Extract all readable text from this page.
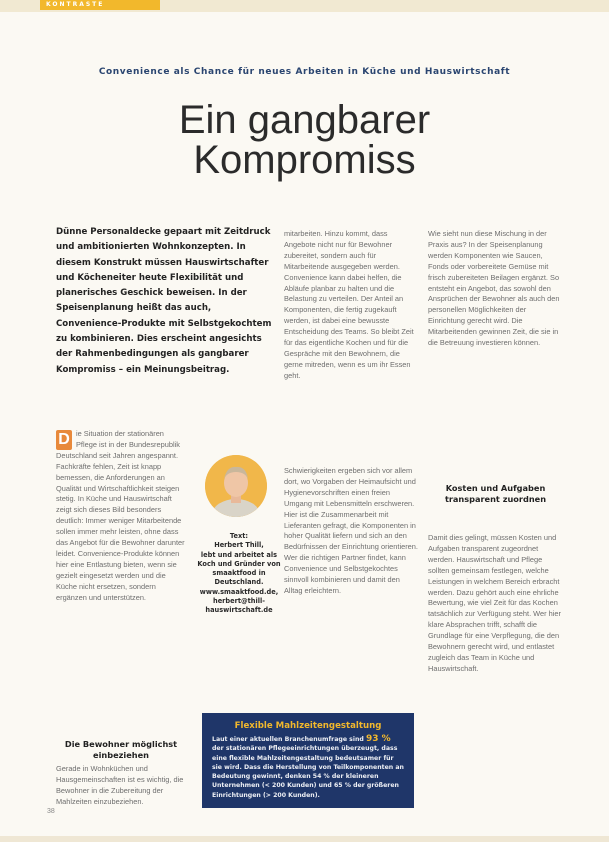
KONTRASTE
Convenience als Chance für neues Arbeiten in Küche und Hauswirtschaft
Ein gangbarer
Kompromiss
Dünne Personaldecke gepaart mit Zeitdruck und ambitionierten Wohnkonzepten. In diesem Konstrukt müssen Hauswirtschafter und Köcheneiter heute Flexibilität und planerisches Geschick beweisen. In der Speisenplanung heißt das auch, Convenience-Produkte mit Selbstgekochtem zu kombinieren. Dies erscheint angesichts der Rahmenbedingungen als gangbarer Kompromiss – ein Meinungsbeitrag.
D ie Situation der stationären Pflege ist in der Bundesrepublik Deutschland seit Jahren angespannt. Fachkräfte fehlen, Zeit ist knapp bemessen, die Anforderungen an Qualität und Wirtschaftlichkeit steigen stetig. In Küche und Hauswirtschaft zeigt sich dieses Bild besonders deutlich: Immer weniger Mitarbeitende sollen immer mehr leisten, ohne dass das Angebot für die Bewohner darunter leidet. Convenience-Produkte können hier eine Entlastung bieten, wenn sie gezielt eingesetzt werden und die Küche nicht ersetzen, sondern ergänzen und unterstützen.

Text:
Herbert Thill,
lebt und arbeitet als Koch und Gründer von smaaktfood in Deutschland.
www.smaaktfood.de, herbert@thill-hauswirtschaft.de
Die Bewohner möglichst einbeziehen

Gerade in Wohnküchen und Hausgemeinschaften ist es wichtig, die Bewohner in die Zubereitung der Mahlzeiten einzubeziehen.

mitarbeiten. Hinzu kommt, dass Angebote nicht nur für Bewohner zubereitet, sondern auch für Mitarbeitende ausgegeben werden. Convenience kann dabei helfen, die Abläufe planbar zu halten und die Belastung zu verteilen. Der Anteil an Komponenten, die fertig zugekauft werden, ist dabei eine bewusste Entscheidung des Teams. So bleibt Zeit für das eigentliche Kochen und für die Gespräche mit den Bewohnern, die gerne mitreden, wenn es um ihr Essen geht.

Schwierigkeiten ergeben sich vor allem dort, wo Vorgaben der Heimaufsicht und Hygienevorschriften einen freien Umgang mit Lebensmitteln erschweren. Hier ist die Zusammenarbeit mit Lieferanten gefragt, die Komponenten in hoher Qualität liefern und sich an den Bedürfnissen der Einrichtung orientieren. Wer die richtigen Partner findet, kann Convenience und Selbstgekochtes sinnvoll kombinieren und damit den Alltag erleichtern.

Wie sieht nun diese Mischung in der Praxis aus? In der Speisenplanung werden Komponenten wie Saucen, Fonds oder vorbereitete Gemüse mit frisch zubereiteten Beilagen ergänzt. So entsteht ein Angebot, das sowohl den Ansprüchen der Bewohner als auch den personellen Möglichkeiten der Einrichtung gerecht wird. Die Mitarbeitenden gewinnen Zeit, die sie in die Betreuung investieren können.

Kosten und Aufgaben transparent zuordnen

Damit dies gelingt, müssen Kosten und Aufgaben transparent zugeordnet werden. Hauswirtschaft und Pflege sollten gemeinsam festlegen, welche Leistungen in welchem Bereich erbracht werden. Dazu gehört auch eine ehrliche Bewertung, wie viel Zeit für das Kochen tatsächlich zur Verfügung steht. Wer hier klare Absprachen trifft, schafft die Grundlage für eine Verpflegung, die den Bewohnern gerecht wird, und entlastet zugleich das Team in Küche und Hauswirtschaft.

Flexible Mahlzeitengestaltung

Laut einer aktuellen Branchenumfrage sind 93 % der stationären Pflegeeinrichtungen überzeugt, dass eine flexible Mahlzeitengestaltung bedeutsamer für sie wird. Dass die Herstellung von Teilkomponenten an Bedeutung gewinnt, denken 54 % der kleineren Unternehmen (< 200 Kunden) und 65 % der größeren Einrichtungen (> 200 Kunden).

38
